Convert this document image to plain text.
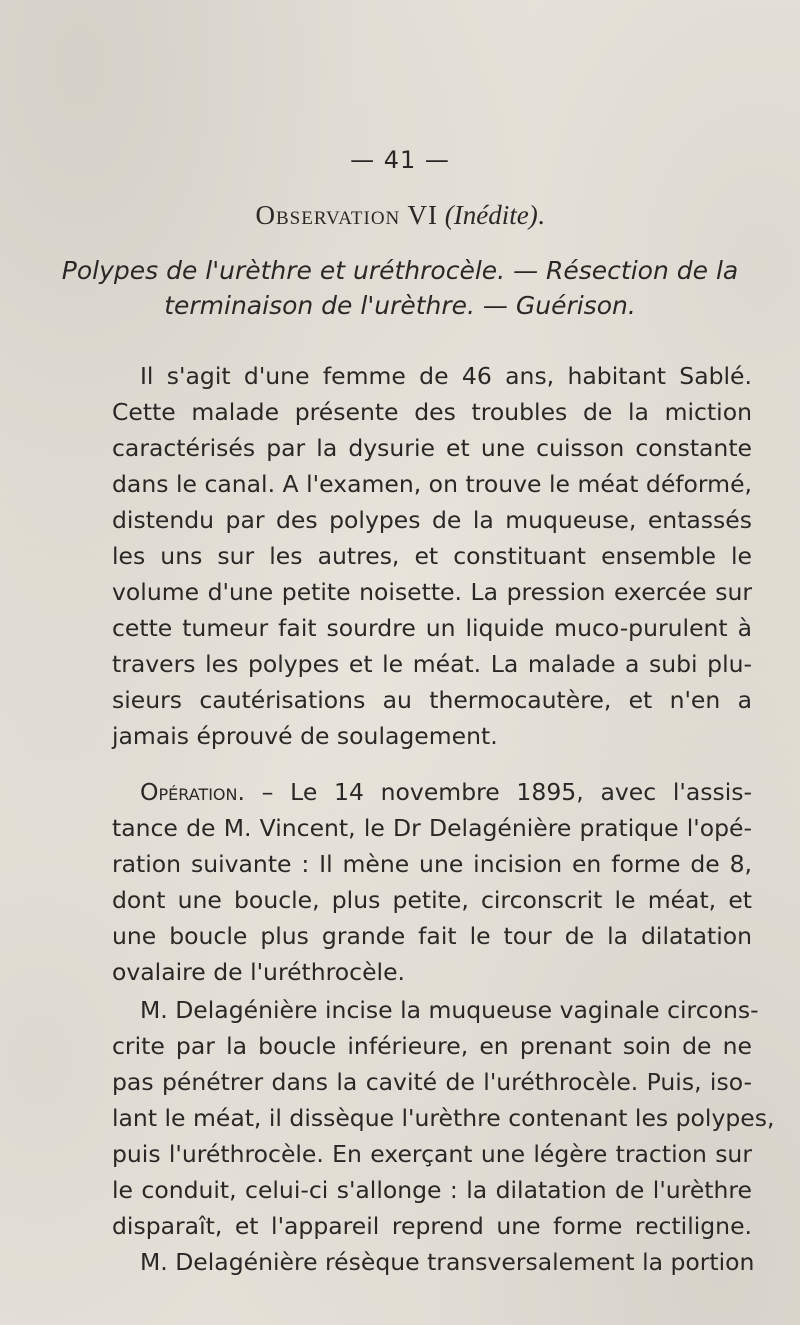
— 41 —
Observation VI (Inédite).
Polypes de l'urèthre et uréthrocèle. — Résection de la
terminaison de l'urèthre. — Guérison.
Il s'agit d'une femme de 46 ans, habitant Sablé.
Cette malade présente des troubles de la miction
caractérisés par la dysurie et une cuisson constante
dans le canal. A l'examen, on trouve le méat déformé,
distendu par des polypes de la muqueuse, entassés
les uns sur les autres, et constituant ensemble le
volume d'une petite noisette. La pression exercée sur
cette tumeur fait sourdre un liquide muco-purulent à
travers les polypes et le méat. La malade a subi plu-
sieurs cautérisations au thermocautère, et n'en a
jamais éprouvé de soulagement.
Opération. – Le 14 novembre 1895, avec l'assis-
tance de M. Vincent, le Dr Delagénière pratique l'opé-
ration suivante : Il mène une incision en forme de 8,
dont une boucle, plus petite, circonscrit le méat, et
une boucle plus grande fait le tour de la dilatation
ovalaire de l'uréthrocèle.
M. Delagénière incise la muqueuse vaginale circons-
crite par la boucle inférieure, en prenant soin de ne
pas pénétrer dans la cavité de l'uréthrocèle. Puis, iso-
lant le méat, il dissèque l'urèthre contenant les polypes,
puis l'uréthrocèle. En exerçant une légère traction sur
le conduit, celui-ci s'allonge : la dilatation de l'urèthre
disparaît, et l'appareil reprend une forme rectiligne.
M. Delagénière résèque transversalement la portion
